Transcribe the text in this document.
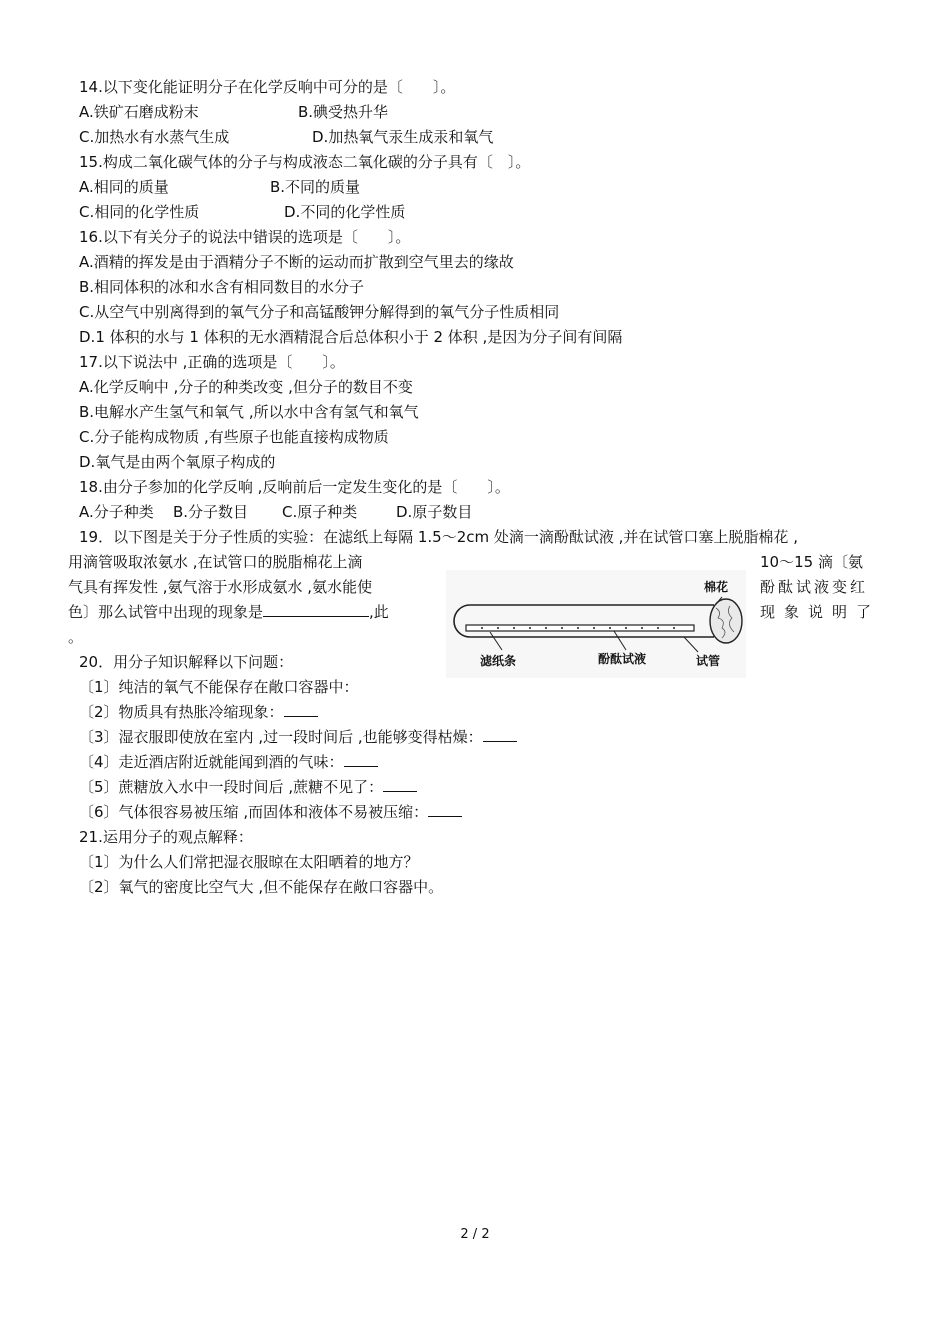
14.以下变化能证明分子在化学反响中可分的是〔　　〕。
A.铁矿石磨成粉末	B.碘受热升华
C.加热水有水蒸气生成	D.加热氧气汞生成汞和氧气
15.构成二氧化碳气体的分子与构成液态二氧化碳的分子具有〔　〕。
A.相同的质量	B.不同的质量
C.相同的化学性质	D.不同的化学性质
16.以下有关分子的说法中错误的选项是〔　　〕。
A.酒精的挥发是由于酒精分子不断的运动而扩散到空气里去的缘故
B.相同体积的冰和水含有相同数目的水分子
C.从空气中别离得到的氧气分子和高锰酸钾分解得到的氧气分子性质相同
D.1 体积的水与 1 体积的无水酒精混合后总体积小于 2 体积 ,是因为分子间有间隔
17.以下说法中 ,正确的选项是〔　　〕。
A.化学反响中 ,分子的种类改变 ,但分子的数目不变
B.电解水产生氢气和氧气 ,所以水中含有氢气和氧气
C.分子能构成物质 ,有些原子也能直接构成物质
D.氧气是由两个氧原子构成的
18.由分子参加的化学反响 ,反响前后一定发生变化的是〔　　〕。
A.分子种类 B.分子数目 C.原子种类	D.原子数目
19．以下图是关于分子性质的实验：在滤纸上每隔 1.5～2cm 处滴一滴酚酞试液 ,并在试管口塞上脱脂棉花 ,
用滴管吸取浓氨水 ,在试管口的脱脂棉花上滴	10～15 滴〔氨
气具有挥发性 ,氨气溶于水形成氨水 ,氨水能使	酚酞试液变红
色〕那么试管中出现的现象是	,此	现象说明了
。
棉花
滤纸条	酚酞试液	试管
20．用分子知识解释以下问题：
〔1〕纯洁的氧气不能保存在敞口容器中：
〔2〕物质具有热胀冷缩现象：
〔3〕湿衣服即使放在室内 ,过一段时间后 ,也能够变得枯燥：
〔4〕走近酒店附近就能闻到酒的气味：
〔5〕蔗糖放入水中一段时间后 ,蔗糖不见了：
〔6〕气体很容易被压缩 ,而固体和液体不易被压缩：
21.运用分子的观点解释：
〔1〕为什么人们常把湿衣服晾在太阳晒着的地方？
〔2〕氧气的密度比空气大 ,但不能保存在敞口容器中。
2 / 2
